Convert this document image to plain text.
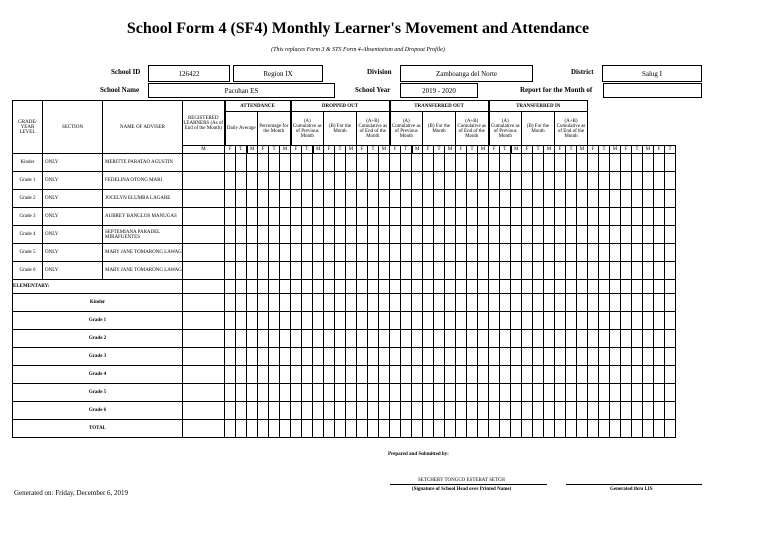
School Form 4 (SF4) Monthly Learner's Movement and Attendance
(This replaces Form 3 & STS Form 4-Absenteeism and Dropout Profile)
School ID	126422	Region IX	Division	Zamboanga del Norte	District	Salug I
School Name	Pacuhan ES	School Year	2019 - 2020	Report for the Month of
GRADE/ YEAR LEVEL	SECTION	NAME OF ADVISER	REGISTERED LEARNERS (As of End of the Month)	ATTENDANCE						DROPPED OUT									TRANSFERRED OUT									TRANSFERRED IN																
				Daily Average			Percentage for the Month			(A) Cumulative as of Previous Month			(B) For the Month			(A+B) Cumulative as of End of the Month			(A) Cumulative as of Previous Month			(B) For the Month			(A+B) Cumulative as of End of the Month			(A) Cumulative as of Previous Month			(B) For the Month			(A+B) Cumulative as of End of the Month										
			M	F	T	M	F	T	M	F	T	M	F	T	M	F	T	M	F	T	M	F	T	M	F	T	M	F	T	M	F	T	M	F	T	M	F	T	M	F	T	M	F	T
Kinder	ONLY	MERITTE PARATAO AGUSTIN																																										
Grade 1	ONLY	FEDELINA OTONG MARI																																										
Grade 2	ONLY	JOCELYN ELUMBA LAGARE																																										
Grade 3	ONLY	AUBREY BANGLOS MANUGAS																																										
Grade 4	ONLY	SEPTEMIANA PARADEL MIRAFUENTES																																										
Grade 5	ONLY	MARY JANE TOMARONG LAWAG																																										
Grade 6	ONLY	MARY JANE TOMARONG LAWAG																																										
ELEMENTARY:																																												
Kinder																																												
Grade 1																																												
Grade 2																																												
Grade 3																																												
Grade 4																																												
Grade 5																																												
Grade 6																																												
TOTAL																																												
Prepared and Submitted by:
SETCHERY TONGCO ESTEBAT SETCH
(Signature of School Head over Printed Name)	Generated thru LIS
Generated on: Friday, December 6, 2019
